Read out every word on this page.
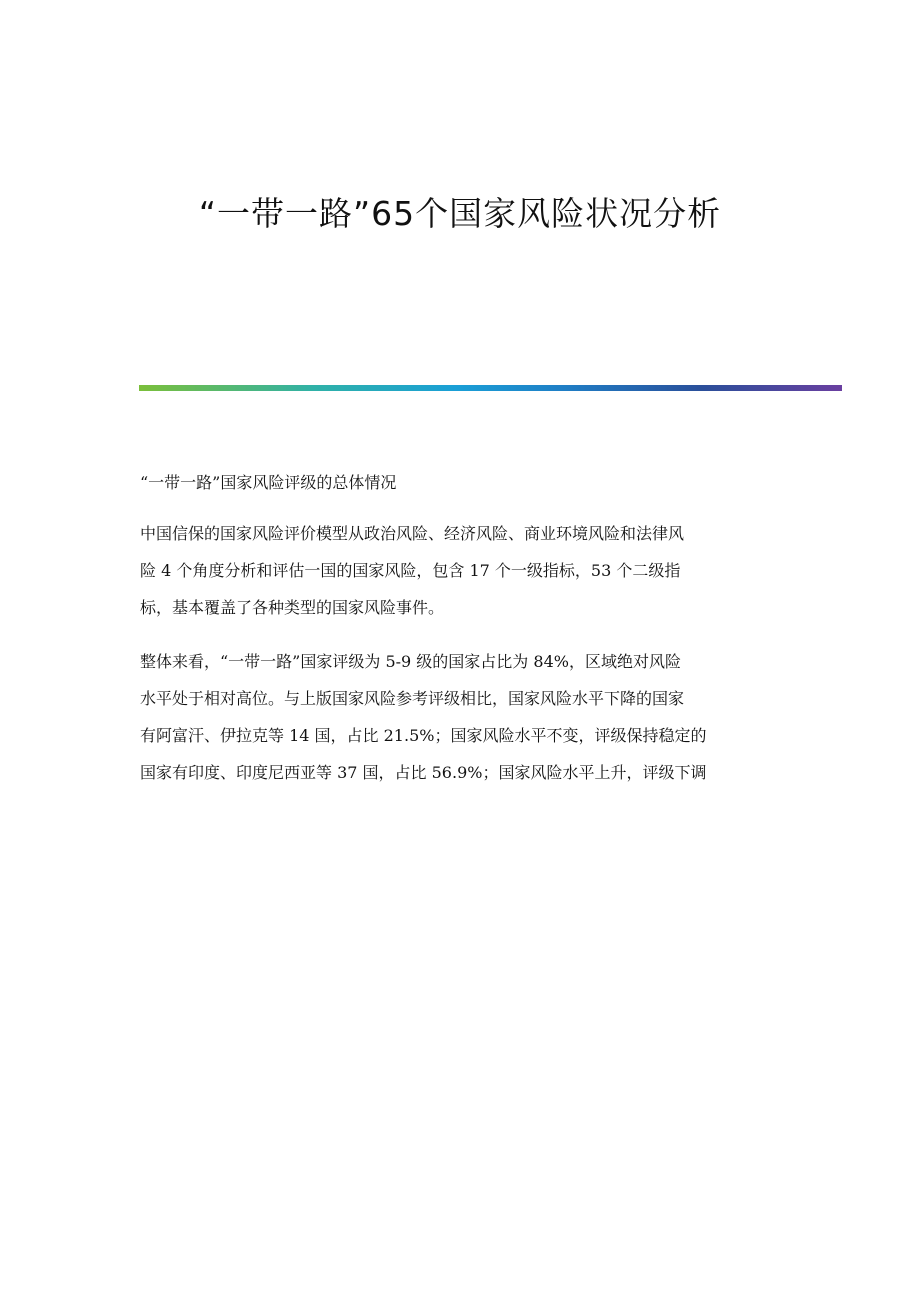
“一带一路”65个国家风险状况分析
“一带一路”国家风险评级的总体情况
中国信保的国家风险评价模型从政治风险、经济风险、商业环境风险和法律风
险 4 个角度分析和评估一国的国家风险，包含 17 个一级指标，53 个二级指
标，基本覆盖了各种类型的国家风险事件。
整体来看，“一带一路”国家评级为 5-9 级的国家占比为 84%，区域绝对风险
水平处于相对高位。与上版国家风险参考评级相比，国家风险水平下降的国家
有阿富汗、伊拉克等 14 国，占比 21.5%；国家风险水平不变，评级保持稳定的
国家有印度、印度尼西亚等 37 国，占比 56.9%；国家风险水平上升，评级下调
